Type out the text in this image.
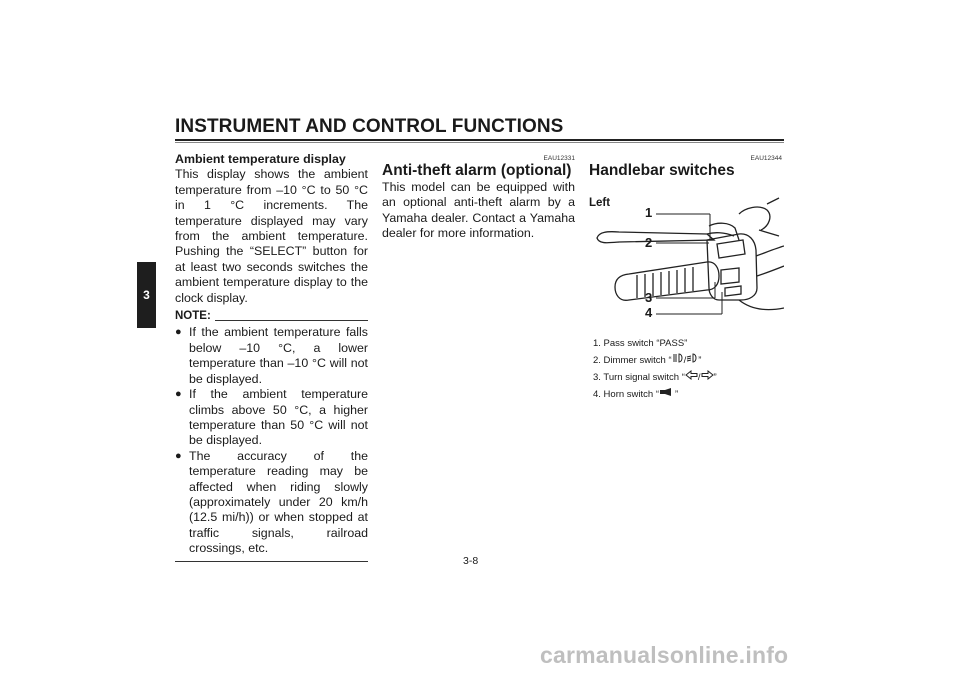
INSTRUMENT AND CONTROL FUNCTIONS
3
Ambient temperature display

This display shows the ambient temperature from –10 °C to 50 °C in 1 °C increments. The temperature displayed may vary from the ambient temperature. Pushing the “SELECT” button for at least two seconds switches the ambient temperature display to the clock display.

NOTE:
● If the ambient temperature falls below –10 °C, a lower temperature than –10 °C will not be displayed.
● If the ambient temperature climbs above 50 °C, a higher temperature than 50 °C will not be displayed.
● The accuracy of the temperature reading may be affected when riding slowly (approximately under 20 km/h (12.5 mi/h)) or when stopped at traffic signals, railroad crossings, etc.
EAU12331
Anti-theft alarm (optional)

This model can be equipped with an optional anti-theft alarm by a Yamaha dealer. Contact a Yamaha dealer for more information.

EAU12344
Handlebar switches
Left
1
2
3
4
1. Pass switch “PASS”
2. Dimmer switch “ / ”
3. Turn signal switch “ / ”
4. Horn switch “ ”
3-8
carmanualsonline.info
